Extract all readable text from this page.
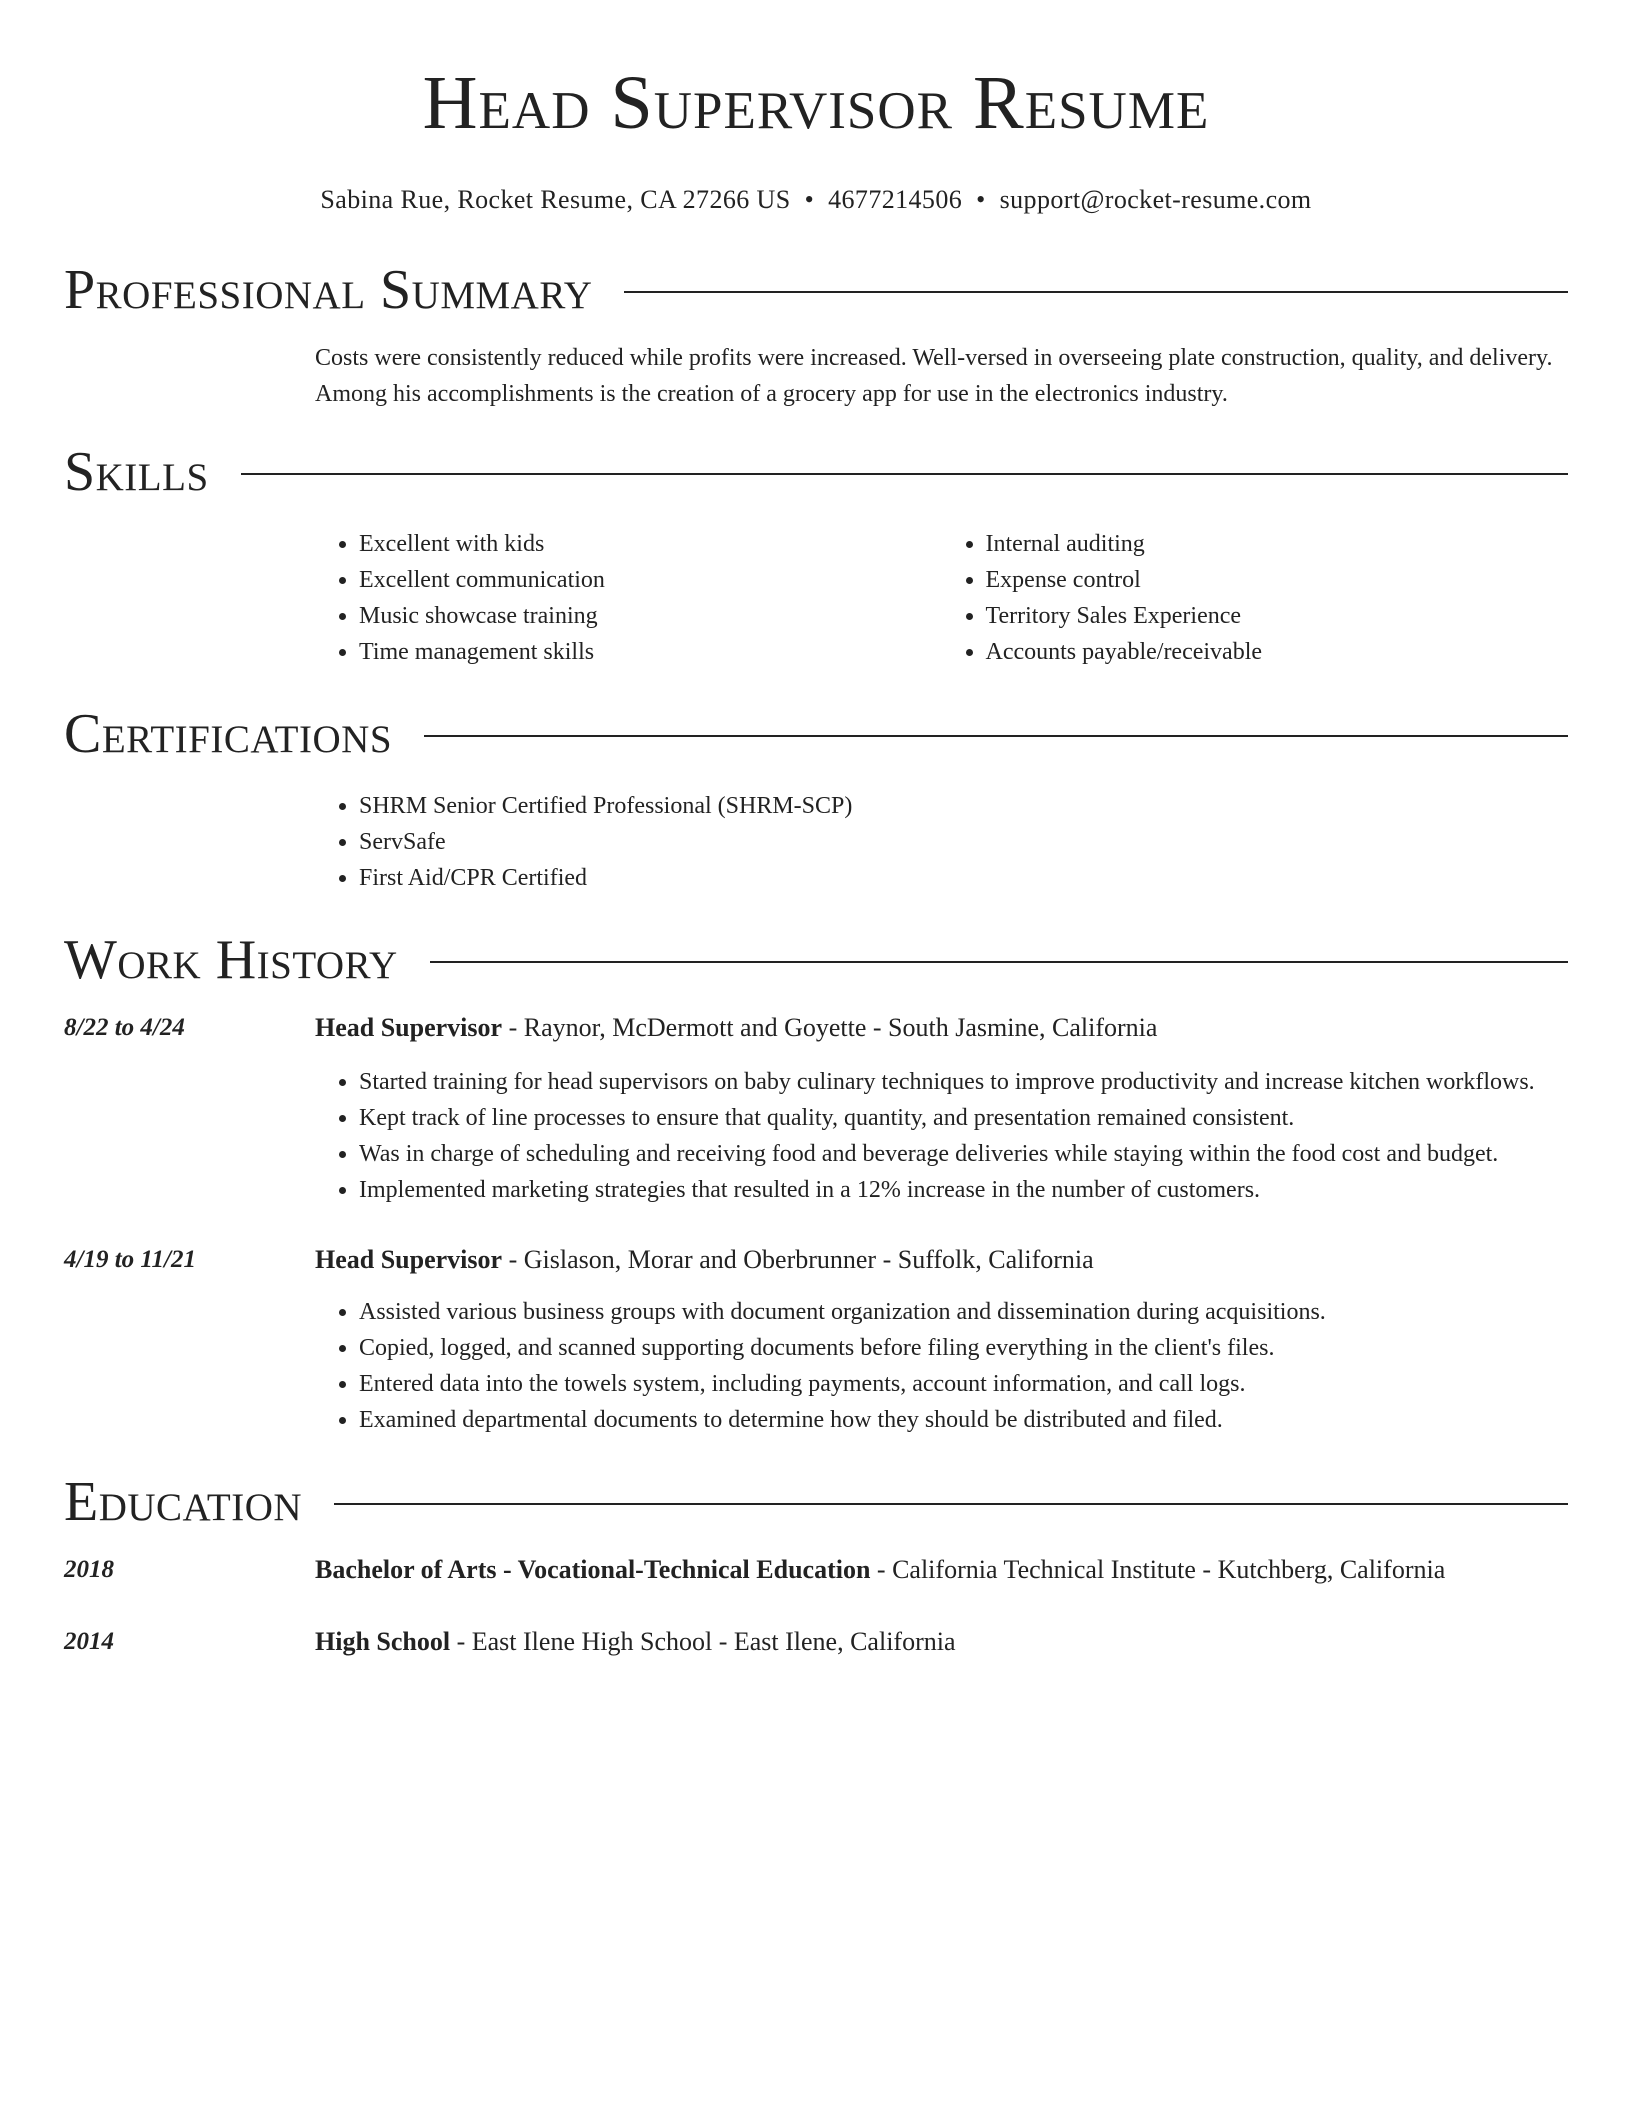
Head Supervisor Resume
Sabina Rue, Rocket Resume, CA 27266 US • 4677214506 • support@rocket-resume.com
Professional Summary

Costs were consistently reduced while profits were increased. Well-versed in overseeing plate construction, quality, and delivery. Among his accomplishments is the creation of a grocery app for use in the electronics industry.

Skills
• Excellent with kids
• Excellent communication
• Music showcase training
• Time management skills
• Internal auditing
• Expense control
• Territory Sales Experience
• Accounts payable/receivable
Certifications
• SHRM Senior Certified Professional (SHRM-SCP)
• ServSafe
• First Aid/CPR Certified
Work History
8/22 to 4/24	Head Supervisor - Raynor, McDermott and Goyette - South Jasmine, California
• Started training for head supervisors on baby culinary techniques to improve productivity and increase kitchen workflows.
• Kept track of line processes to ensure that quality, quantity, and presentation remained consistent.
• Was in charge of scheduling and receiving food and beverage deliveries while staying within the food cost and budget.
• Implemented marketing strategies that resulted in a 12% increase in the number of customers.
4/19 to 11/21	Head Supervisor - Gislason, Morar and Oberbrunner - Suffolk, California
• Assisted various business groups with document organization and dissemination during acquisitions.
• Copied, logged, and scanned supporting documents before filing everything in the client's files.
• Entered data into the towels system, including payments, account information, and call logs.
• Examined departmental documents to determine how they should be distributed and filed.
Education
2018	Bachelor of Arts - Vocational-Technical Education - California Technical Institute - Kutchberg, California
2014	High School - East Ilene High School - East Ilene, California
